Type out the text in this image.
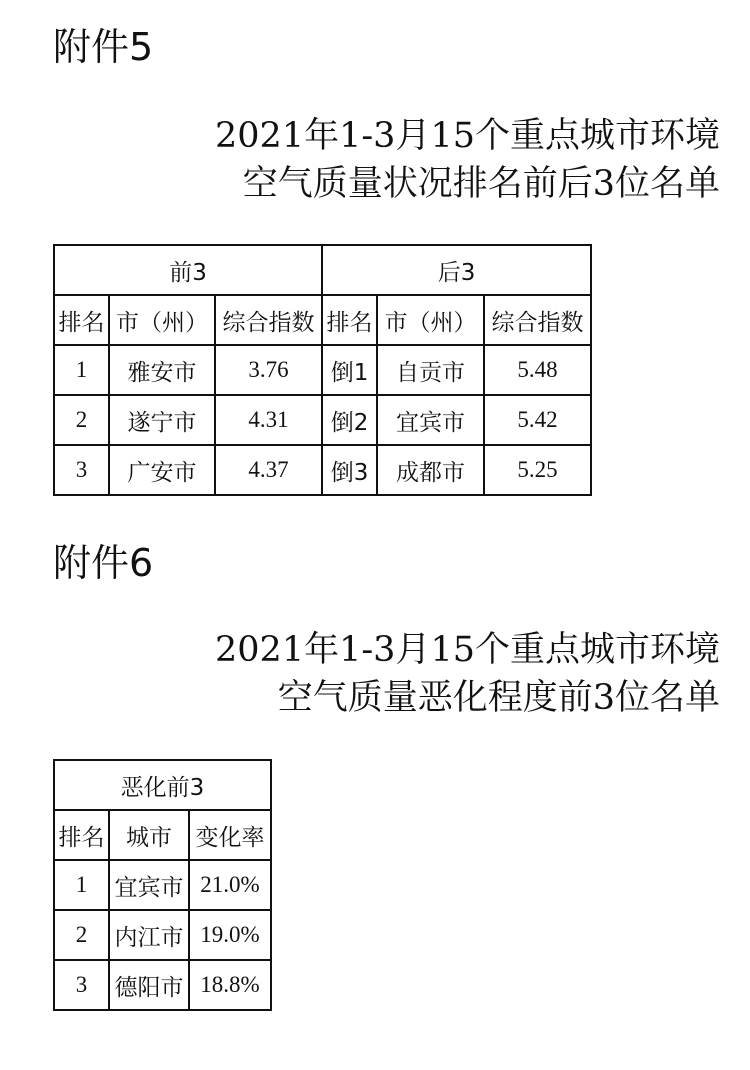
附件5
2021年1-3月15个重点城市环境
空气质量状况排名前后3位名单
前3			后3		
排名	市（州）	综合指数	排名	市（州）	综合指数
1	雅安市	3.76	倒1	自贡市	5.48
2	遂宁市	4.31	倒2	宜宾市	5.42
3	广安市	4.37	倒3	成都市	5.25
附件6
2021年1-3月15个重点城市环境
空气质量恶化程度前3位名单
恶化前3		
排名	城市	变化率
1	宜宾市	21.0%
2	内江市	19.0%
3	德阳市	18.8%
